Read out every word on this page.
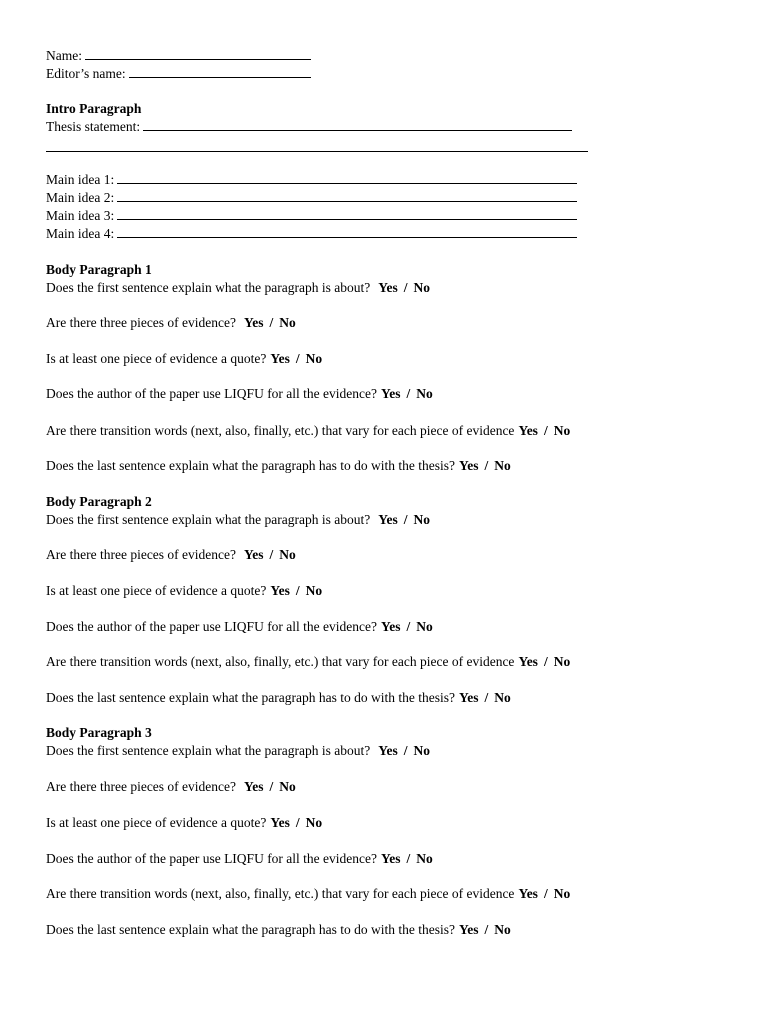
Name:
Editor’s name:
Intro Paragraph
Thesis statement:
Main idea 1:
Main idea 2:
Main idea 3:
Main idea 4:
Body Paragraph 1
Does the first sentence explain what the paragraph is about? Yes / No
Are there three pieces of evidence? Yes / No
Is at least one piece of evidence a quote? Yes / No
Does the author of the paper use LIQFU for all the evidence? Yes / No
Are there transition words (next, also, finally, etc.) that vary for each piece of evidence Yes / No
Does the last sentence explain what the paragraph has to do with the thesis? Yes / No
Body Paragraph 2
Does the first sentence explain what the paragraph is about? Yes / No
Are there three pieces of evidence? Yes / No
Is at least one piece of evidence a quote? Yes / No
Does the author of the paper use LIQFU for all the evidence? Yes / No
Are there transition words (next, also, finally, etc.) that vary for each piece of evidence Yes / No
Does the last sentence explain what the paragraph has to do with the thesis? Yes / No
Body Paragraph 3
Does the first sentence explain what the paragraph is about? Yes / No
Are there three pieces of evidence? Yes / No
Is at least one piece of evidence a quote? Yes / No
Does the author of the paper use LIQFU for all the evidence? Yes / No
Are there transition words (next, also, finally, etc.) that vary for each piece of evidence Yes / No
Does the last sentence explain what the paragraph has to do with the thesis? Yes / No
